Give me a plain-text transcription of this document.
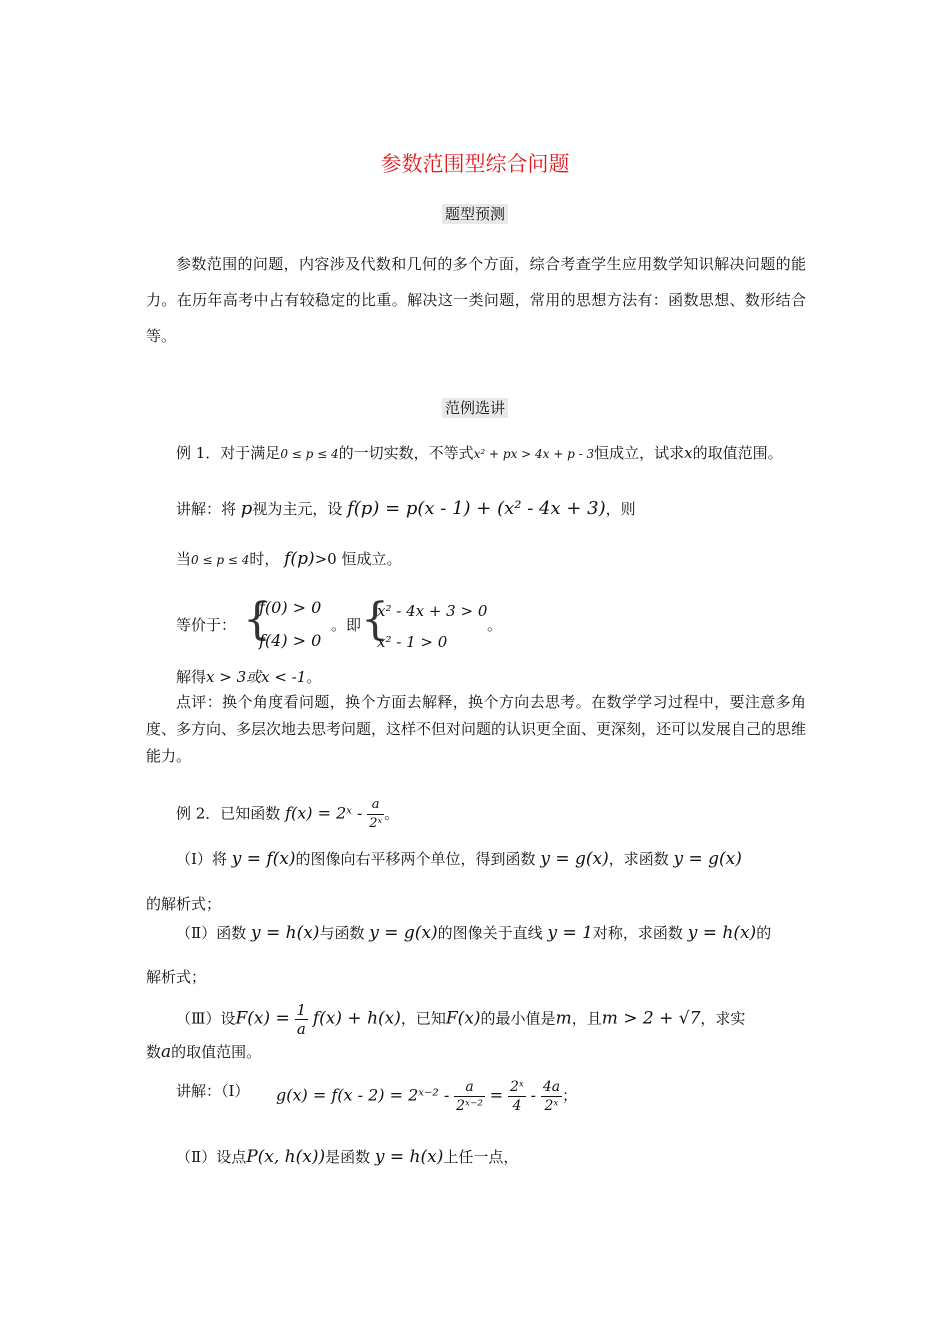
参数范围型综合问题
题型预测
参数范围的问题，内容涉及代数和几何的多个方面，综合考查学生应用数学知识解决问题的能力。在历年高考中占有较稳定的比重。解决这一类问题，常用的思想方法有：函数思想、数形结合等。
范例选讲
例 1．对于满足0 ≤ p ≤ 4的一切实数，不等式x² + px > 4x + p - 3恒成立，试求x的取值范围。
讲解：将 p视为主元，设 f(p) = p(x - 1) + (x² - 4x + 3)，则
当0 ≤ p ≤ 4时， f(p)>0 恒成立。
等价于： {
f(0) > 0
f(4) > 0
。即 {
x² - 4x + 3 > 0
x² - 1 > 0
。
解得x > 3或x < -1。
点评：换个角度看问题，换个方面去解释，换个方向去思考。在数学学习过程中，要注意多角度、多方向、多层次地去思考问题，这样不但对问题的认识更全面、更深刻，还可以发展自己的思维能力。
例 2．已知函数 f(x) = 2ˣ - $\frac{a}{\text{2ˣ}}$ 。
（Ⅰ）将 y = f(x)的图像向右平移两个单位，得到函数 y = g(x)，求函数 y = g(x)
的解析式；
（Ⅱ）函数 y = h(x)与函数 y = g(x)的图像关于直线 y = 1对称，求函数 y = h(x)的
解析式；
（Ⅲ）设$F(x) = \frac{1}{a} f(x) + h(x)$，已知F(x)的最小值是m，且m > 2 + √7，求实
数a的取值范围。
讲解：（Ⅰ） g(x) = f(x - 2) = 2ˣ⁻² - $\frac{a}{\text{2ˣ⁻²}} = \frac{\text{2ˣ}}{4} - \frac{4a}{\text{2ˣ}}$ ；
（Ⅱ）设点P(x, h(x))是函数 y = h(x)上任一点，
